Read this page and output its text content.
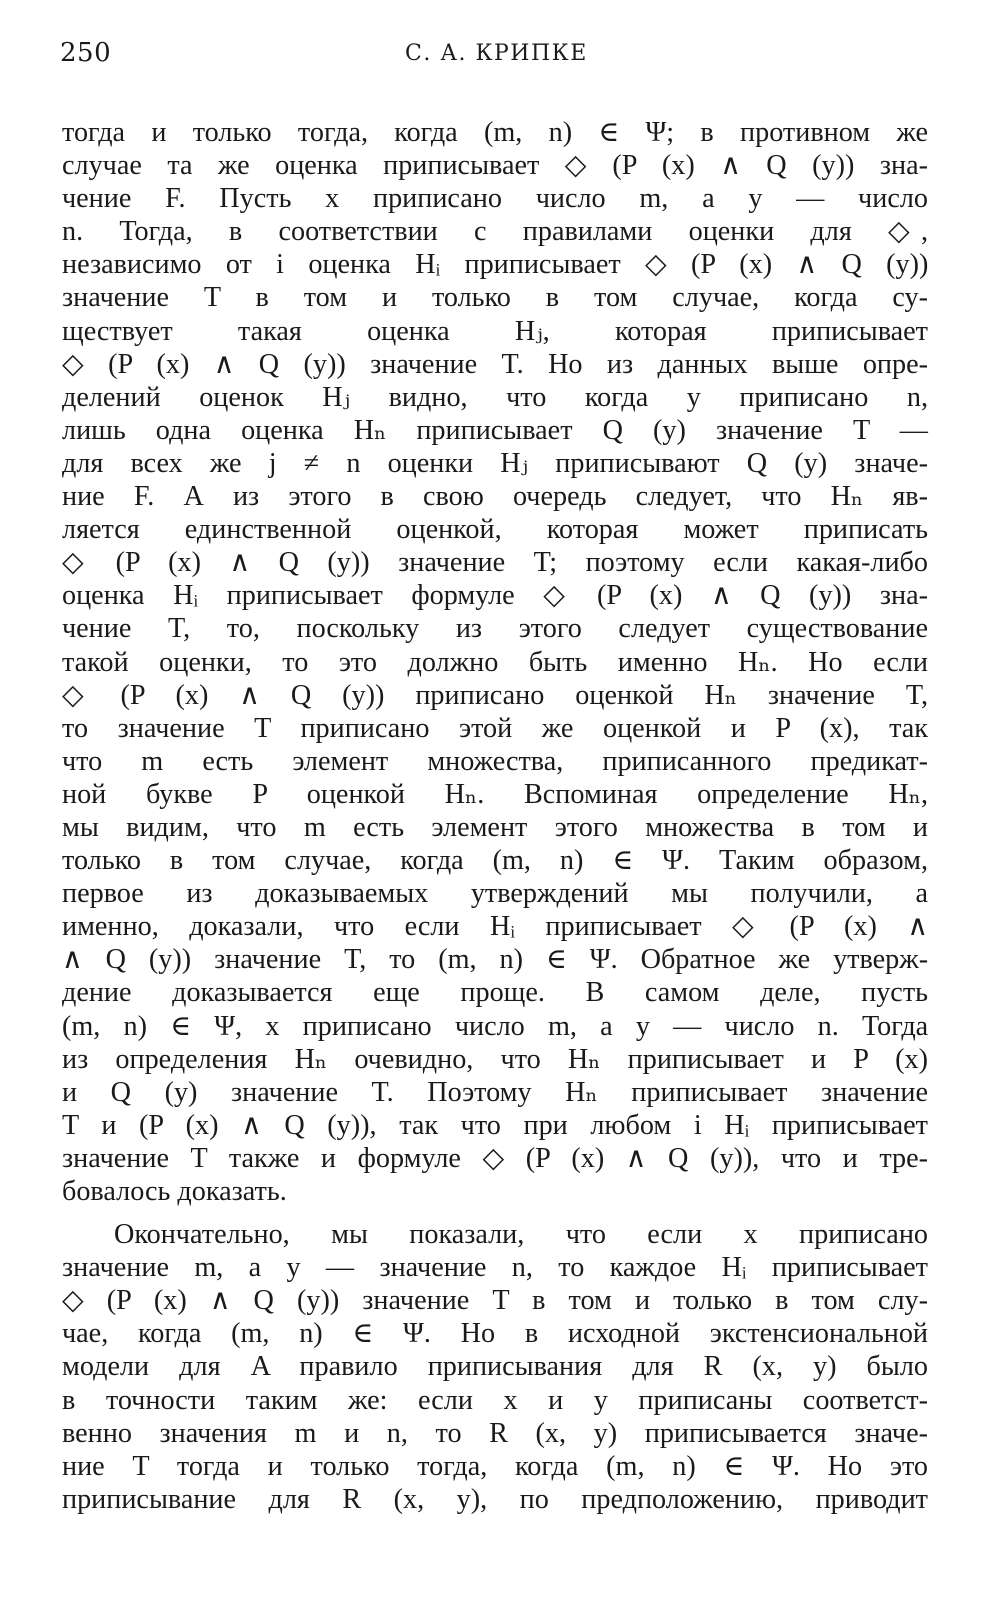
250	С. А. КРИПКЕ
тогда и только тогда, когда (m, n) ∈ Ψ; в противном же
случае та же оценка приписывает ◇ (P (x) ∧ Q (y)) зна-
чение F. Пусть x приписано число m, а y — число
n. Тогда, в соответствии с правилами оценки для ◇,
независимо от i оценка Hᵢ приписывает ◇ (P (x) ∧ Q (y))
значение T в том и только в том случае, когда су-
ществует такая оценка Hⱼ, которая приписывает
◇ (P (x) ∧ Q (y)) значение T. Но из данных выше опре-
делений оценок Hⱼ видно, что когда y приписано n,
лишь одна оценка Hₙ приписывает Q (y) значение T —
для всех же j ≠ n оценки Hⱼ приписывают Q (y) значе-
ние F. А из этого в свою очередь следует, что Hₙ яв-
ляется единственной оценкой, которая может приписать
◇ (P (x) ∧ Q (y)) значение T; поэтому если какая-либо
оценка Hᵢ приписывает формуле ◇ (P (x) ∧ Q (y)) зна-
чение T, то, поскольку из этого следует существование
такой оценки, то это должно быть именно Hₙ. Но если
◇ (P (x) ∧ Q (y)) приписано оценкой Hₙ значение T,
то значение T приписано этой же оценкой и P (x), так
что m есть элемент множества, приписанного предикат-
ной букве P оценкой Hₙ. Вспоминая определение Hₙ,
мы видим, что m есть элемент этого множества в том и
только в том случае, когда (m, n) ∈ Ψ. Таким образом,
первое из доказываемых утверждений мы получили, а
именно, доказали, что если Hᵢ приписывает ◇ (P (x) ∧
∧ Q (y)) значение T, то (m, n) ∈ Ψ. Обратное же утверж-
дение доказывается еще проще. В самом деле, пусть
(m, n) ∈ Ψ, x приписано число m, а y — число n. Тогда
из определения Hₙ очевидно, что Hₙ приписывает и P (x)
и Q (y) значение T. Поэтому Hₙ приписывает значение
T и (P (x) ∧ Q (y)), так что при любом i Hᵢ приписывает
значение T также и формуле ◇ (P (x) ∧ Q (y)), что и тре-
бовалось доказать.
Окончательно, мы показали, что если x приписано
значение m, а y — значение n, то каждое Hᵢ приписывает
◇ (P (x) ∧ Q (y)) значение T в том и только в том слу-
чае, когда (m, n) ∈ Ψ. Но в исходной экстенсиональной
модели для A правило приписывания для R (x, y) было
в точности таким же: если x и y приписаны соответст-
венно значения m и n, то R (x, y) приписывается значе-
ние T тогда и только тогда, когда (m, n) ∈ Ψ. Но это
приписывание для R (x, y), по предположению, приводит
